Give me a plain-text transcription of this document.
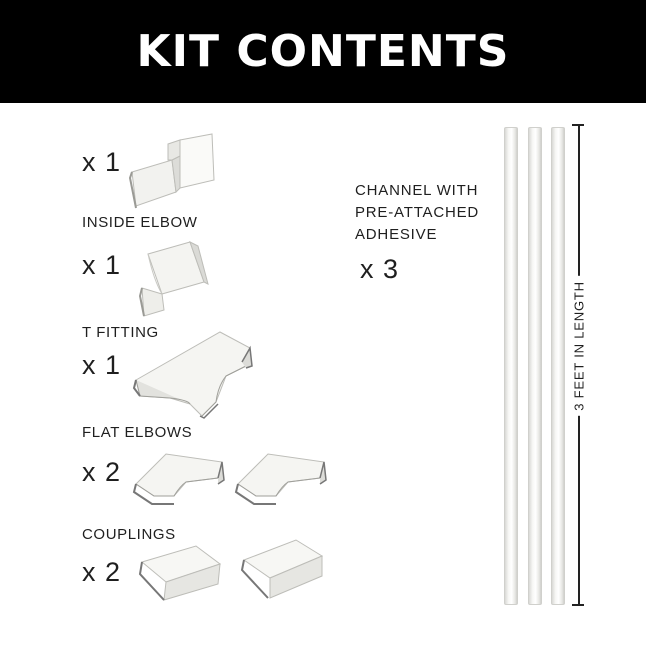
KIT CONTENTS
x 1
INSIDE ELBOW
x 1
T FITTING
x 1
FLAT ELBOWS
x 2
COUPLINGS
x 2
CHANNEL WITH
PRE-ATTACHED
ADHESIVE
x 3
3 FEET IN LENGTH
